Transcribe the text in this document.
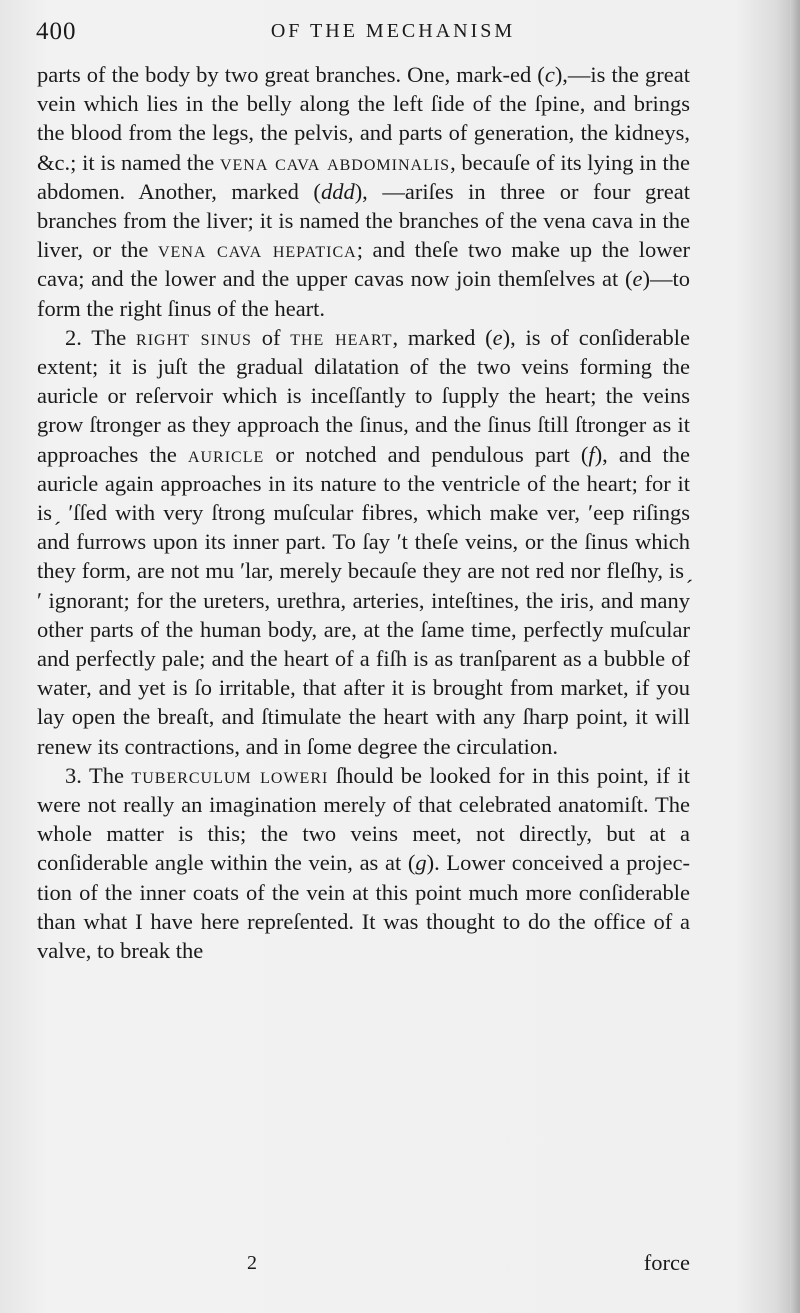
400	OF THE MECHANISM

parts of the body by two great branches. One, mark-ed (c),—is the great vein which lies in the belly along the left ſide of the ſpine, and brings the blood from the legs, the pelvis, and parts of generation, the kidneys, &c.; it is named the vena cava abdominalis, becauſe of its lying in the abdomen. Another, marked (ddd), —ariſes in three or four great branches from the liver; it is named the branches of the vena cava in the liver, or the vena cava hepatica; and theſe two make up the lower cava; and the lower and the upper cavas now join themſelves at (e)—to form the right ſinus of the heart.

2. The right sinus of the heart, marked (e), is of conſiderable extent; it is juſt the gradual dilatation of the two veins forming the auricle or reſervoir which is inceſſantly to ſupply the heart; the veins grow ſtronger as they approach the ſinus, and the ſinus ſtill ſtronger as it approaches the auricle or notched and pendulous part (f), and the auricle again approaches in its nature to the ventricle of the heart; for it is ̗ ʹſſed with very ſtrong muſcular fibres, which make ver, ʹeep riſings and furrows upon its inner part. To ſay ʹt theſe veins, or the ſinus which they form, are not mu ʹlar, merely becauſe they are not red nor fleſhy, is ̗ ʹ ignorant; for the ureters, urethra, arteries, inteſtines, the iris, and many other parts of the human body, are, at the ſame time, perfectly muſcular and perfectly pale; and the heart of a fiſh is as tranſparent as a bubble of water, and yet is ſo irritable, that after it is brought from market, if you lay open the breaſt, and ſtimulate the heart with any ſharp point, it will renew its contractions, and in ſome degree the circulation.

3. The tuberculum loweri ſhould be looked for in this point, if it were not really an imagination merely of that celebrated anatomiſt. The whole matter is this; the two veins meet, not directly, but at a conſiderable angle within the vein, as at (g). Lower conceived a projec-tion of the inner coats of the vein at this point much more conſiderable than what I have here repreſented. It was thought to do the office of a valve, to break the

2	force
